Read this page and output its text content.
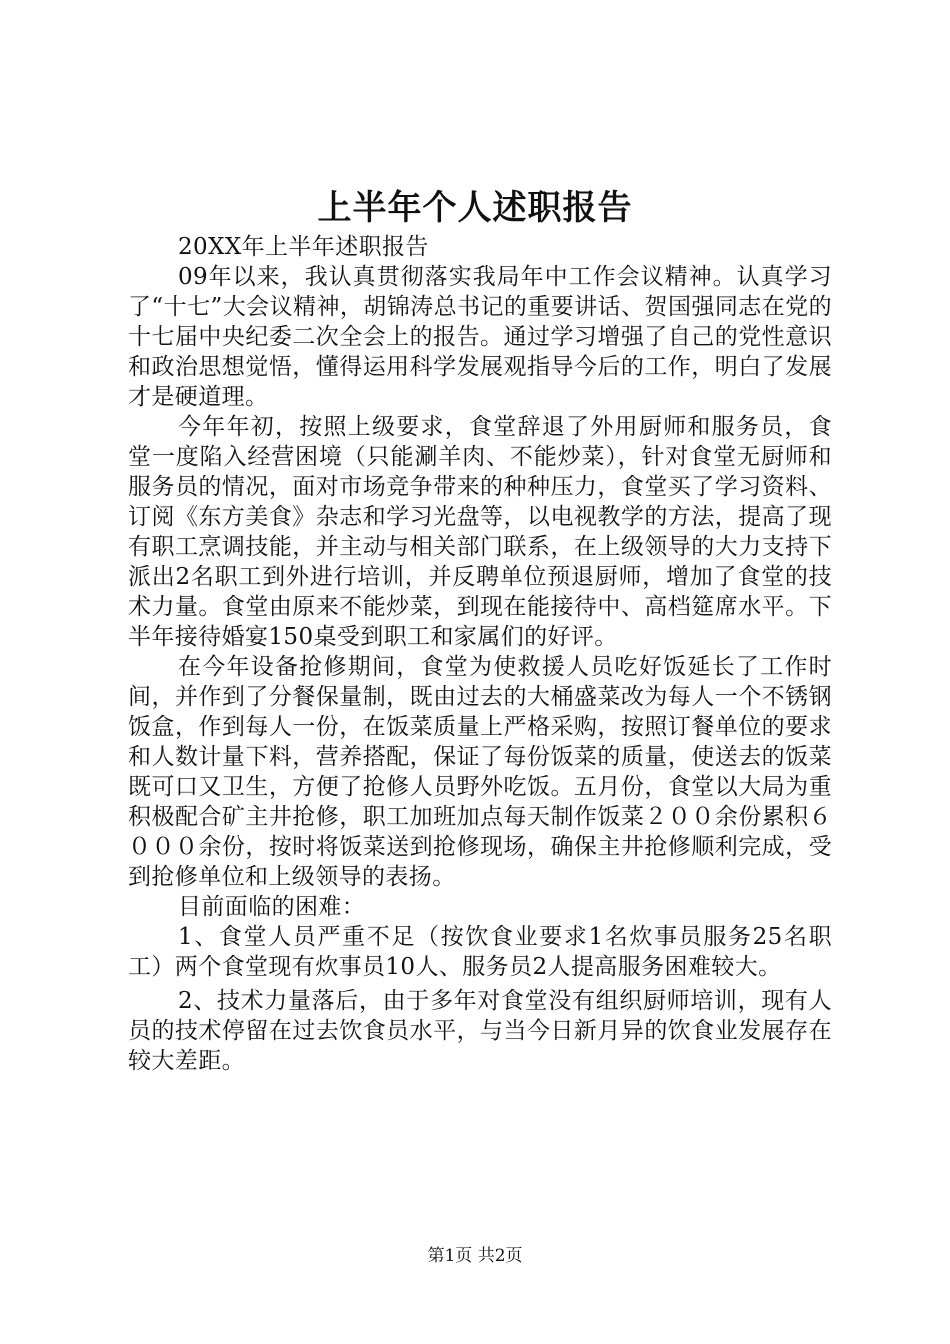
上半年个人述职报告

20XX年上半年述职报告

09年以来，我认真贯彻落实我局年中工作会议精神。认真学习了“十七”大会议精神，胡锦涛总书记的重要讲话、贺国强同志在党的十七届中央纪委二次全会上的报告。通过学习增强了自己的党性意识和政治思想觉悟，懂得运用科学发展观指导今后的工作，明白了发展才是硬道理。

今年年初，按照上级要求，食堂辞退了外用厨师和服务员，食堂一度陷入经营困境（只能涮羊肉、不能炒菜），针对食堂无厨师和服务员的情况，面对市场竞争带来的种种压力，食堂买了学习资料、订阅《东方美食》杂志和学习光盘等，以电视教学的方法，提高了现有职工烹调技能，并主动与相关部门联系，在上级领导的大力支持下派出2名职工到外进行培训，并反聘单位预退厨师，增加了食堂的技术力量。食堂由原来不能炒菜，到现在能接待中、高档筵席水平。下半年接待婚宴150桌受到职工和家属们的好评。

在今年设备抢修期间，食堂为使救援人员吃好饭延长了工作时间，并作到了分餐保量制，既由过去的大桶盛菜改为每人一个不锈钢饭盒，作到每人一份，在饭菜质量上严格采购，按照订餐单位的要求和人数计量下料，营养搭配，保证了每份饭菜的质量，使送去的饭菜既可口又卫生，方便了抢修人员野外吃饭。五月份，食堂以大局为重积极配合矿主井抢修，职工加班加点每天制作饭菜２００余份累积６０００余份，按时将饭菜送到抢修现场，确保主井抢修顺利完成，受到抢修单位和上级领导的表扬。

目前面临的困难：

1、食堂人员严重不足（按饮食业要求1名炊事员服务25名职工）两个食堂现有炊事员10人、服务员2人提高服务困难较大。

2、技术力量落后，由于多年对食堂没有组织厨师培训，现有人员的技术停留在过去饮食员水平，与当今日新月异的饮食业发展存在较大差距。

第1页 共2页
